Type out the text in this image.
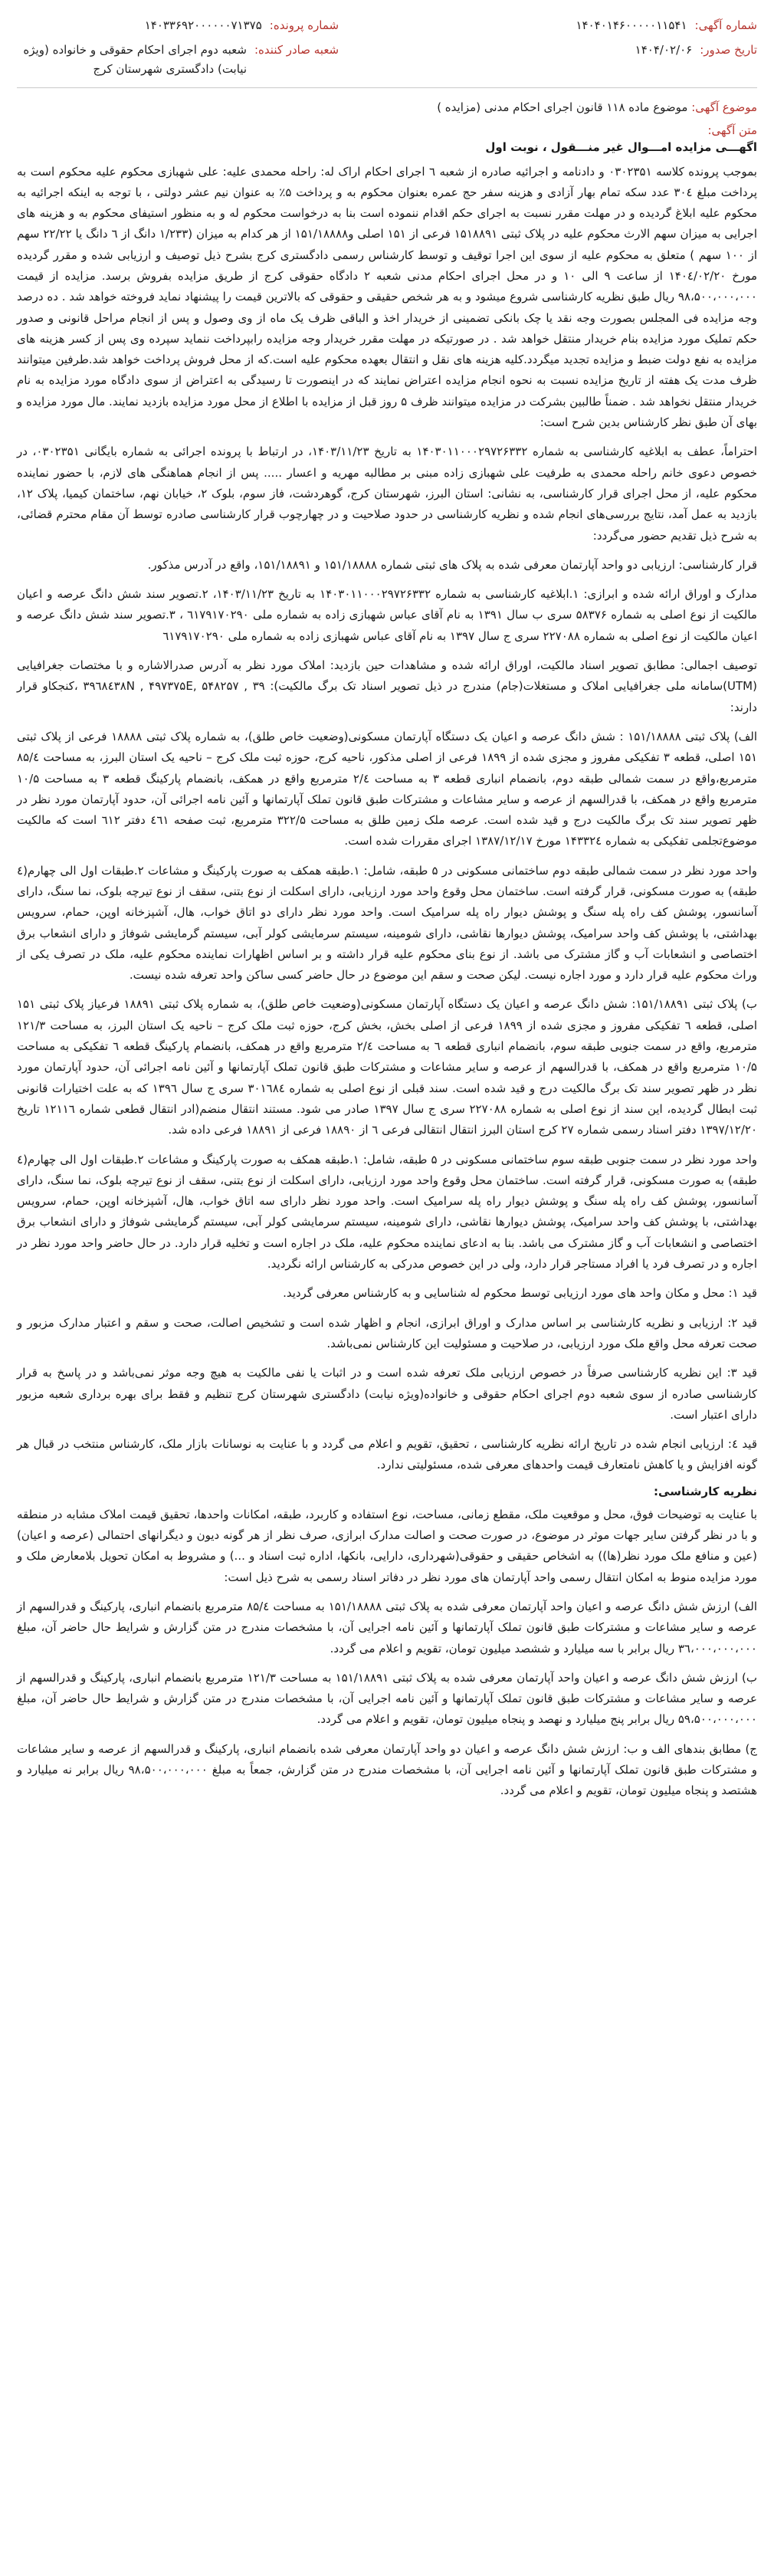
شماره آگهی:
۱۴۰۴۰۱۴۶۰۰۰۰۰۱۱۵۴۱
تاریخ صدور:
۱۴۰۴/۰۲/۰۶
شماره پرونده:
۱۴۰۳۳۶۹۲۰۰۰۰۰۰۷۱۳۷۵
شعبه صادر کننده:
شعبه دوم اجرای احکام حقوقی و خانواده (ویژه نیابت) دادگستری شهرستان کرج
موضوع آگهی: موضوع ماده ۱۱۸ قانون اجرای احکام مدنی (مزایده )
متن آگهی:
اگهـــی مزایده امـــوال غیر منـــقول ، نوبت اول

بموجب پرونده کلاسه ۰۳۰۲۳۵۱ و دادنامه و اجرائیه صادره از شعبه ٦ اجرای احکام اراک له: راحله محمدی علیه: علی شهبازی محکوم علیه محکوم است به پرداخت مبلغ ۳۰٤ عدد سکه تمام بهار آزادی و هزینه سفر حج عمره بعنوان محکوم به و پرداخت ۵٪ به عنوان نیم عشر دولتی ، با توجه به اینکه اجرائیه به محکوم علیه ابلاغ گردیده و در مهلت مقرر نسبت به اجرای حکم اقدام ننموده است بنا به درخواست محکوم له و به منظور استیفای محکوم به و هزینه های اجرایی به میزان سهم الارث محکوم علیه در پلاک ثبتی ۱۵۱۸۸۹۱ فرعی از ۱۵۱ اصلی و۱۵۱/۱۸۸۸۸ از هر کدام به میزان (۱/۲۳۳ دانگ از ٦ دانگ یا ۲۲/۲۲ سهم از ۱۰۰ سهم ) متعلق به محکوم علیه از سوی این اجرا توقیف و توسط کارشناس رسمی دادگستری کرج بشرح ذیل توصیف و ارزیابی شده و مقرر گردیده مورخ ۱۴۰٤/۰۲/۲۰ از ساعت ۹ الی ۱۰ و در محل اجرای احکام مدنی شعبه ۲ دادگاه حقوقی کرج از طریق مزایده بفروش برسد. مزایده از قیمت ۹۸،۵۰۰،۰۰۰،۰۰۰ ریال طبق نظریه کارشناسی شروع میشود و به هر شخص حقیقی و حقوقی که بالاترین قیمت را پیشنهاد نماید فروخته خواهد شد . ده درصد وجه مزایده فی المجلس بصورت وجه نقد یا چک بانکی تضمینی از خریدار اخذ و الباقی ظرف یک ماه از وی وصول و پس از انجام مراحل قانونی و صدور حکم تملیک مورد مزایده بنام خریدار منتقل خواهد شد . در صورتیکه در مهلت مقرر خریدار وجه مزایده رابپرداخت ننماید سپرده وی پس از کسر هزینه های مزایده به نفع دولت ضبط و مزایده تجدید میگردد.کلیه هزینه های نقل و انتقال بعهده محکوم علیه است.که از محل فروش پرداخت خواهد شد.طرفین میتوانند ظرف مدت یک هفته از تاریخ مزایده نسبت به نحوه انجام مزایده اعتراض نمایند که در اینصورت تا رسیدگی به اعتراض از سوی دادگاه مورد مزایده به نام خریدار منتقل نخواهد شد . ضمناً طالبین بشرکت در مزایده میتوانند ظرف ۵ روز قبل از مزایده با اطلاع از محل مورد مزایده بازدید نمایند. مال مورد مزایده و بهای آن طبق نظر کارشناس بدین شرح است:

احتراماً، عطف به ابلاغیه کارشناسی به شماره ۱۴۰۳۰۱۱۰۰۰۲۹۷۲۶۳۳۲ به تاریخ ۱۴۰۳/۱۱/۲۳، در ارتباط با پرونده اجرائی به شماره بایگانی ۰۳۰۲۳۵۱، در خصوص دعوی خانم راحله محمدی به طرفیت علی شهبازی زاده مبنی بر مطالبه مهریه و اعسار ..... پس از انجام هماهنگی های لازم، با حضور نماینده محکوم علیه، از محل اجرای قرار کارشناسی، به نشانی: استان البرز، شهرستان کرج، گوهردشت، فاز سوم، بلوک ۲، خیابان نهم، ساختمان کیمیا، پلاک ۱۲، بازدید به عمل آمد، نتایج بررسی‌های انجام شده و نظریه کارشناسی در حدود صلاحیت و در چهارچوب قرار کارشناسی صادره توسط آن مقام محترم قضائی، به شرح ذیل تقدیم حضور می‌گردد:

قرار کارشناسی: ارزیابی دو واحد آپارتمان معرفی شده به پلاک های ثبتی شماره ۱۵۱/۱۸۸۸۸ و ۱۵۱/۱۸۸۹۱، واقع در آدرس مذکور.

مدارک و اوراق ارائه شده و ابرازی: ۱.ابلاغیه کارشناسی به شماره ۱۴۰۳۰۱۱۰۰۰۲۹۷۲۶۳۳۲ به تاریخ ۱۴۰۳/۱۱/۲۳، ۲.تصویر سند شش دانگ عرصه و اعیان مالکیت از نوع اصلی به شماره ۵۸۳۷۶ سری ب سال ۱۳۹۱ به نام آقای عباس شهبازی زاده به شماره ملی ٦۱۷۹۱۷۰۲۹۰ ، ۳.تصویر سند شش دانگ عرصه و اعیان مالکیت از نوع اصلی به شماره ۲۲۷۰۸۸ سری ج سال ۱۳۹۷ به نام آقای عباس شهبازی زاده به شماره ملی ٦۱۷۹۱۷۰۲۹۰

توصیف اجمالی: مطابق تصویر اسناد مالکیت، اوراق ارائه شده و مشاهدات حین بازدید: املاک مورد نظر به آدرس صدرالاشاره و با مختصات جغرافیایی (UTM)سامانه ملی جغرافیایی املاک و مستغلات(جام) مندرج در ذیل تصویر اسناد تک برگ مالکیت): ۳۹ , ۵۴۸۲۵۷ ,۳۹٦۸٤۳٨N , ۴۹۷۳۷۵E ،کنجکاو قرار دارند:

الف) پلاک ثبتی ۱۵۱/۱۸۸۸۸ : شش دانگ عرصه و اعیان یک دستگاه آپارتمان مسکونی(وضعیت خاص طلق)، به شماره پلاک ثبتی ۱۸۸۸۸ فرعی از پلاک ثبتی ۱۵۱ اصلی، قطعه ۳ تفکیکی مفروز و مجزی شده از ۱۸۹۹ فرعی از اصلی مذکور، ناحیه کرج، حوزه ثبت ملک کرج – ناحیه یک استان البرز، به مساحت ۸۵/٤ مترمربع،واقع در سمت شمالی طبقه دوم، بانضمام انباری قطعه ۳ به مساحت ۲/٤ مترمربع واقع در همکف، بانضمام پارکینگ قطعه ۳ به مساحت ۱۰/۵ مترمربع واقع در همکف، با قدرالسهم از عرصه و سایر مشاعات و مشترکات طبق قانون تملک آپارتمانها و آئین نامه اجرائی آن، حدود آپارتمان مورد نظر در ظهر تصویر سند تک برگ مالکیت درج و قید شده است. عرصه ملک زمین طلق به مساحت ۳۲۲/۵ مترمربع، ثبت صفحه ٤٦۱ دفتر ٦۱۲ است که مالکیت موضوع‌تجلمی تفکیکی به شماره ۱۴۳۳۲٤ مورخ ۱۳۸۷/۱۲/۱۷ اجرای مقررات شده است.

واحد مورد نظر در سمت شمالی طبقه دوم ساختمانی مسکونی در ۵ طبقه، شامل: ۱.طبقه همکف به صورت پارکینگ و مشاعات ۲.طبقات اول الی چهارم(٤ طبقه) به صورت مسکونی، قرار گرفته است. ساختمان محل وقوع واحد مورد ارزیابی، دارای اسکلت از نوع بتنی، سقف از نوع تیرچه بلوک، نما سنگ، دارای آسانسور، پوشش کف راه پله سنگ و پوشش دیوار راه پله سرامیک است. واحد مورد نظر دارای دو اتاق خواب، هال، آشپزخانه اوپن، حمام، سرویس بهداشتی، با پوشش کف واحد سرامیک، پوشش دیوارها نقاشی، دارای شومینه، سیستم سرمایشی کولر آبی، سیستم گرمایشی شوفاژ و دارای انشعاب برق اختصاصی و انشعابات آب و گاز مشترک می باشد. از نوع بنای محکوم علیه قرار داشته و بر اساس اظهارات نماینده محکوم علیه، ملک در تصرف یکی از وراث محکوم علیه قرار دارد و مورد اجاره نیست. لیکن صحت و سقم این موضوع در حال حاضر کسی ساکن واحد تعرفه شده نیست.

ب) پلاک ثبتی ۱۵۱/۱۸۸۹۱: شش دانگ عرصه و اعیان یک دستگاه آپارتمان مسکونی(وضعیت خاص طلق)، به شماره پلاک ثبتی ۱۸۸۹۱ فرعیاز پلاک ثبتی ۱۵۱ اصلی، قطعه ٦ تفکیکی مفروز و مجزی شده از ۱۸۹۹ فرعی از اصلی بخش، بخش کرج، حوزه ثبت ملک کرج – ناحیه یک استان البرز، به مساحت ۱۲۱/۳ مترمربع، واقع در سمت جنوبی طبقه سوم، بانضمام انباری قطعه ٦ به مساحت ۲/٤ مترمربع واقع در همکف، بانضمام پارکینگ قطعه ٦ تفکیکی به مساحت ۱۰/۵ مترمربع واقع در همکف، با قدرالسهم از عرصه و سایر مشاعات و مشترکات طبق قانون تملک آپارتمانها و آئین نامه اجرائی آن، حدود آپارتمان مورد نظر در ظهر تصویر سند تک برگ مالکیت درج و قید شده است. سند قبلی از نوع اصلی به شماره ۳۰۱٦۸٤ سری ج سال ۱۳۹٦ که به علت اختیارات قانونی ثبت ابطال گردیده، این سند از نوع اصلی به شماره ۲۲۷۰۸۸ سری ج سال ۱۳۹۷ صادر می شود. مستند انتقال منضم(ادر انتقال قطعی شماره ۱۲۱۱٦ تاریخ ۱۳۹۷/۱۲/۲۰ دفتر اسناد رسمی شماره ۲۷ کرج استان البرز انتقال انتقالی فرعی ٦ از ۱۸۸۹۰ فرعی از ۱۸۸۹۱ فرعی داده شد.

واحد مورد نظر در سمت جنوبی طبقه سوم ساختمانی مسکونی در ۵ طبقه، شامل: ۱.طبقه همکف به صورت پارکینگ و مشاعات ۲.طبقات اول الی چهارم(٤ طبقه) به صورت مسکونی، قرار گرفته است. ساختمان محل وقوع واحد مورد ارزیابی، دارای اسکلت از نوع بتنی، سقف از نوع تیرچه بلوک، نما سنگ، دارای آسانسور، پوشش کف راه پله سنگ و پوشش دیوار راه پله سرامیک است. واحد مورد نظر دارای سه اتاق خواب، هال، آشپزخانه اوپن، حمام، سرویس بهداشتی، با پوشش کف واحد سرامیک، پوشش دیوارها نقاشی، دارای شومینه، سیستم سرمایشی کولر آبی، سیستم گرمایشی شوفاژ و دارای انشعاب برق اختصاصی و انشعابات آب و گاز مشترک می باشد. بنا به ادعای نماینده محکوم علیه، ملک در اجاره است و تخلیه قرار دارد. در حال حاضر واحد مورد نظر در اجاره و در تصرف فرد یا افراد مستاجر قرار دارد، ولی در این خصوص مدرکی به کارشناس ارائه نگردید.

قید ۱: محل و مکان واحد های مورد ارزیابی توسط محکوم له شناسایی و به کارشناس معرفی گردید.

قید ۲: ارزیابی و نظریه کارشناسی بر اساس مدارک و اوراق ابرازی، انجام و اظهار شده است و تشخیص اصالت، صحت و سقم و اعتبار مدارک مزبور و صحت تعرفه محل واقع ملک مورد ارزیابی، در صلاحیت و مسئولیت این کارشناس نمی‌باشد.

قید ۳: این نظریه کارشناسی صرفاً در خصوص ارزیابی ملک تعرفه شده است و در اثبات یا نفی مالکیت به هیچ وجه موثر نمی‌باشد و در پاسخ به قرار کارشناسی صادره از سوی شعبه دوم اجرای احکام حقوقی و خانواده(ویژه نیابت) دادگستری شهرستان کرج تنظیم و فقط برای بهره برداری شعبه مزبور دارای اعتبار است.

قید ٤: ارزیابی انجام شده در تاریخ ارائه نظریه کارشناسی ، تحقیق، تقویم و اعلام می گردد و با عنایت به نوسانات بازار ملک، کارشناس منتخب در قبال هر گونه افزایش و یا کاهش نامتعارف قیمت واحدهای معرفی شده، مسئولیتی ندارد.

نظریه کارشناسی:

با عنایت به توضیحات فوق، محل و موقعیت ملک، مقطع زمانی، مساحت، نوع استفاده و کاربرد، طبقه، امکانات واحدها، تحقیق قیمت املاک مشابه در منطقه و با در نظر گرفتن سایر جهات موثر در موضوع، در صورت صحت و اصالت مدارک ابرازی، صرف نظر از هر گونه دیون و دیگرانهای احتمالی (عرصه و اعیان)(عین و منافع ملک مورد نظر(ها)) به اشخاص حقیقی و حقوقی(شهرداری، دارایی، بانکها، اداره ثبت اسناد و ...) و مشروط به امکان تحویل بلامعارض ملک و مورد مزایده منوط به امکان انتقال رسمی واحد آپارتمان های مورد نظر در دفاتر اسناد رسمی به شرح ذیل است:

الف) ارزش شش دانگ عرصه و اعیان واحد آپارتمان معرفی شده به پلاک ثبتی ۱۵۱/۱۸۸۸۸ به مساحت ۸۵/٤ مترمربع بانضمام انباری، پارکینگ و قدرالسهم از عرصه و سایر مشاعات و مشترکات طبق قانون تملک آپارتمانها و آئین نامه اجرایی آن، با مشخصات مندرج در متن گزارش و شرایط حال حاضر آن، مبلغ ۳٦،۰۰۰،۰۰۰،۰۰۰ ریال برابر با سه میلیارد و ششصد میلیون تومان، تقویم و اعلام می گردد.

ب) ارزش شش دانگ عرصه و اعیان واحد آپارتمان معرفی شده به پلاک ثبتی ۱۵۱/۱۸۸۹۱ به مساحت ۱۲۱/۳ مترمربع بانضمام انباری، پارکینگ و قدرالسهم از عرصه و سایر مشاعات و مشترکات طبق قانون تملک آپارتمانها و آئین نامه اجرایی آن، با مشخصات مندرج در متن گزارش و شرایط حال حاضر آن، مبلغ ۵۹،۵۰۰،۰۰۰،۰۰۰ ریال برابر پنج میلیارد و نهصد و پنجاه میلیون تومان، تقویم و اعلام می گردد.

ج) مطابق بندهای الف و ب: ارزش شش دانگ عرصه و اعیان دو واحد آپارتمان معرفی شده بانضمام انباری، پارکینگ و قدرالسهم از عرصه و سایر مشاعات و مشترکات طبق قانون تملک آپارتمانها و آئین نامه اجرایی آن، با مشخصات مندرج در متن گزارش، جمعاً به مبلغ ۹۸،۵۰۰،۰۰۰،۰۰۰ ریال برابر نه میلیارد و هشتصد و پنجاه میلیون تومان، تقویم و اعلام می گردد.
